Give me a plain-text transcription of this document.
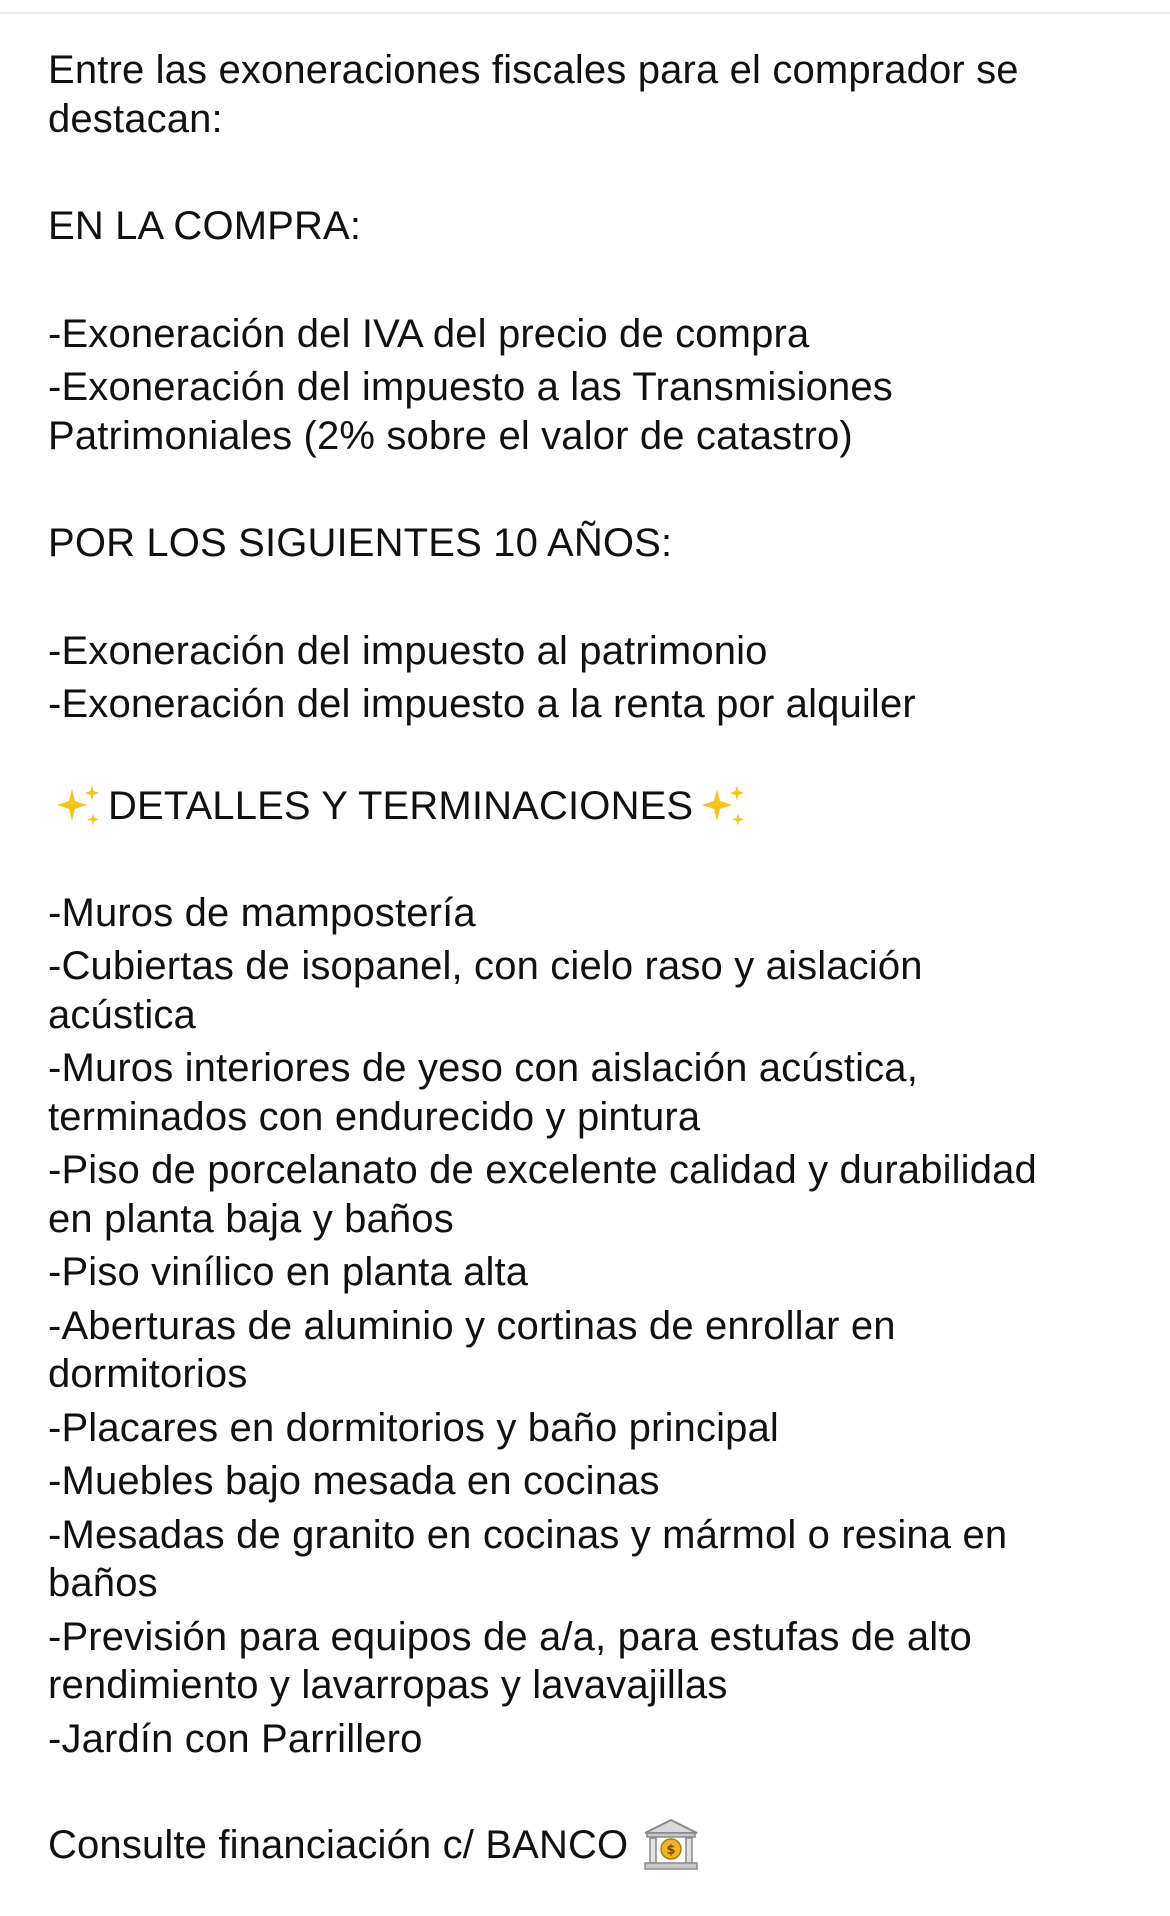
Entre las exoneraciones fiscales para el comprador se
destacan:
EN LA COMPRA:
-Exoneración del IVA del precio de compra
-Exoneración del impuesto a las Transmisiones
Patrimoniales (2% sobre el valor de catastro)
POR LOS SIGUIENTES 10 AÑOS:
-Exoneración del impuesto al patrimonio
-Exoneración del impuesto a la renta por alquiler
DETALLES Y TERMINACIONES
-Muros de mampostería
-Cubiertas de isopanel, con cielo raso y aislación
acústica
-Muros interiores de yeso con aislación acústica,
terminados con endurecido y pintura
-Piso de porcelanato de excelente calidad y durabilidad
en planta baja y baños
-Piso vinílico en planta alta
-Aberturas de aluminio y cortinas de enrollar en
dormitorios
-Placares en dormitorios y baño principal
-Muebles bajo mesada en cocinas
-Mesadas de granito en cocinas y mármol o resina en
baños
-Previsión para equipos de a/a, para estufas de alto
rendimiento y lavarropas y lavavajillas
-Jardín con Parrillero
Consulte financiación c/ BANCO	$
